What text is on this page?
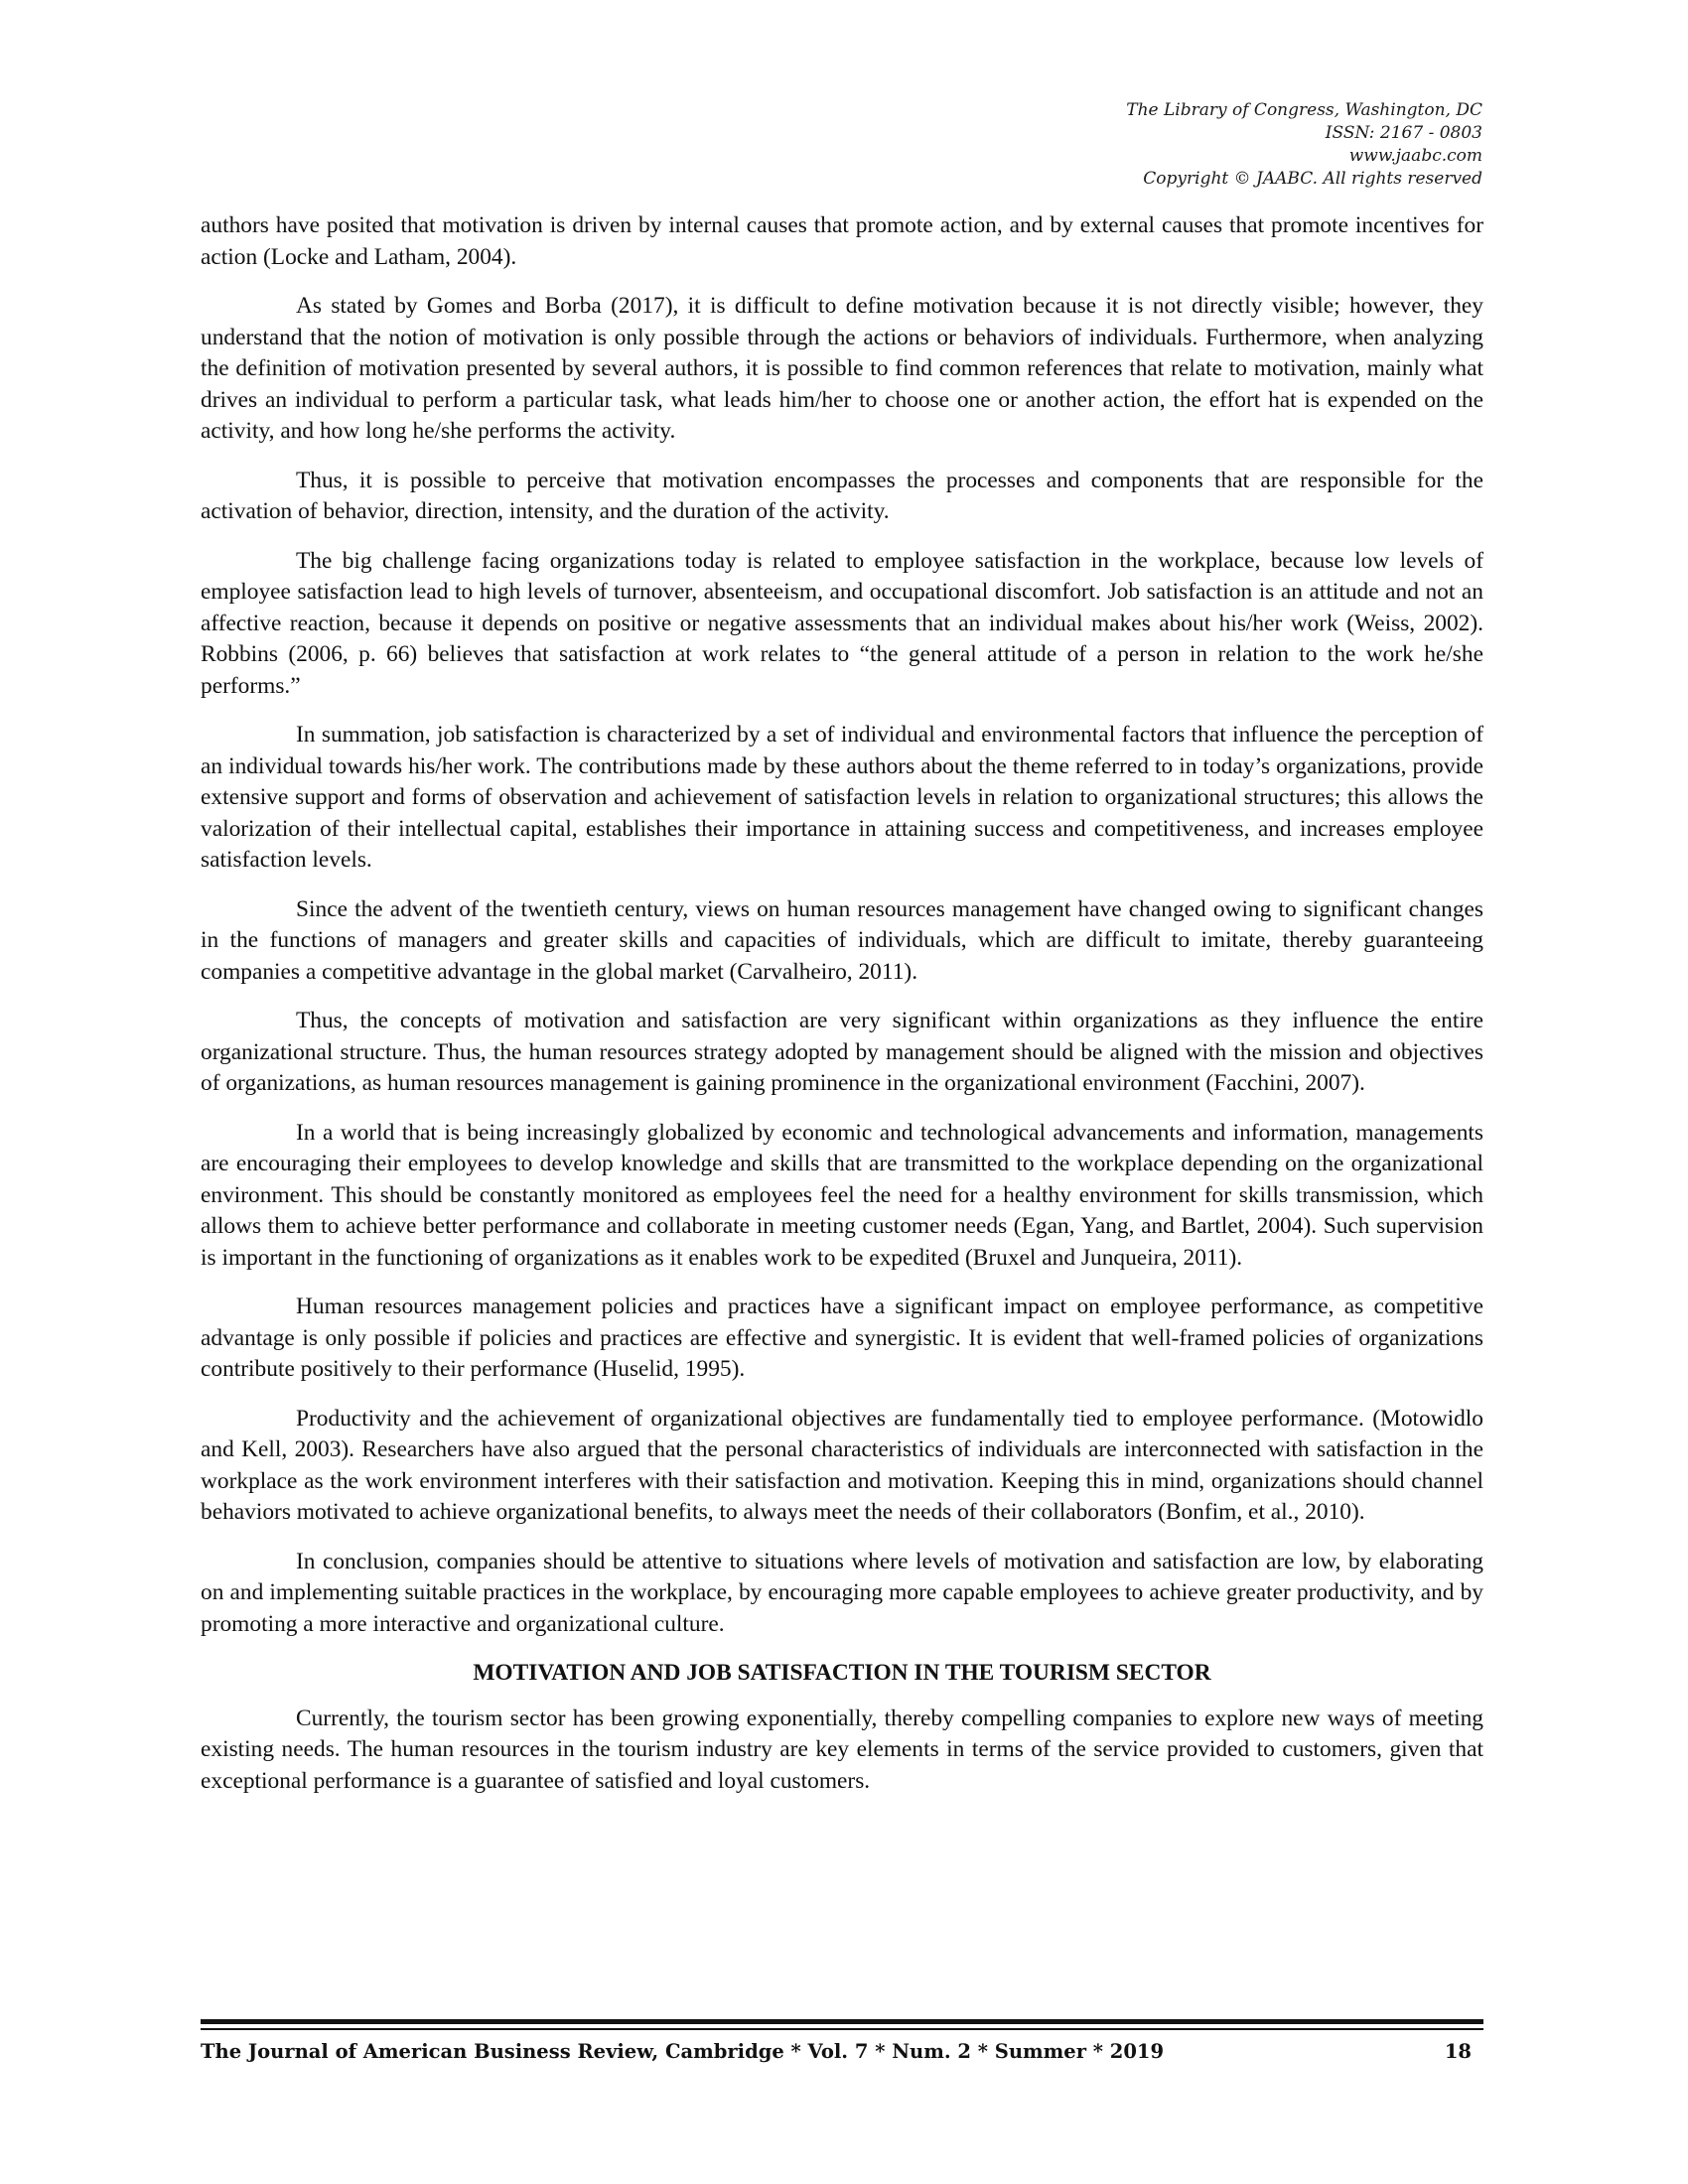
The Library of Congress, Washington, DC
ISSN: 2167 - 0803
www.jaabc.com
Copyright © JAABC. All rights reserved

authors have posited that motivation is driven by internal causes that promote action, and by external causes that promote incentives for action (Locke and Latham, 2004).

As stated by Gomes and Borba (2017), it is difficult to define motivation because it is not directly visible; however, they understand that the notion of motivation is only possible through the actions or behaviors of individuals. Furthermore, when analyzing the definition of motivation presented by several authors, it is possible to find common references that relate to motivation, mainly what drives an individual to perform a particular task, what leads him/her to choose one or another action, the effort hat is expended on the activity, and how long he/she performs the activity.

Thus, it is possible to perceive that motivation encompasses the processes and components that are responsible for the activation of behavior, direction, intensity, and the duration of the activity.

The big challenge facing organizations today is related to employee satisfaction in the workplace, because low levels of employee satisfaction lead to high levels of turnover, absenteeism, and occupational discomfort. Job satisfaction is an attitude and not an affective reaction, because it depends on positive or negative assessments that an individual makes about his/her work (Weiss, 2002). Robbins (2006, p. 66) believes that satisfaction at work relates to “the general attitude of a person in relation to the work he/she performs.”

In summation, job satisfaction is characterized by a set of individual and environmental factors that influence the perception of an individual towards his/her work. The contributions made by these authors about the theme referred to in today’s organizations, provide extensive support and forms of observation and achievement of satisfaction levels in relation to organizational structures; this allows the valorization of their intellectual capital, establishes their importance in attaining success and competitiveness, and increases employee satisfaction levels.

Since the advent of the twentieth century, views on human resources management have changed owing to significant changes in the functions of managers and greater skills and capacities of individuals, which are difficult to imitate, thereby guaranteeing companies a competitive advantage in the global market (Carvalheiro, 2011).

Thus, the concepts of motivation and satisfaction are very significant within organizations as they influence the entire organizational structure. Thus, the human resources strategy adopted by management should be aligned with the mission and objectives of organizations, as human resources management is gaining prominence in the organizational environment (Facchini, 2007).

In a world that is being increasingly globalized by economic and technological advancements and information, managements are encouraging their employees to develop knowledge and skills that are transmitted to the workplace depending on the organizational environment. This should be constantly monitored as employees feel the need for a healthy environment for skills transmission, which allows them to achieve better performance and collaborate in meeting customer needs (Egan, Yang, and Bartlet, 2004). Such supervision is important in the functioning of organizations as it enables work to be expedited (Bruxel and Junqueira, 2011).

Human resources management policies and practices have a significant impact on employee performance, as competitive advantage is only possible if policies and practices are effective and synergistic. It is evident that well-framed policies of organizations contribute positively to their performance (Huselid, 1995).

Productivity and the achievement of organizational objectives are fundamentally tied to employee performance. (Motowidlo and Kell, 2003). Researchers have also argued that the personal characteristics of individuals are interconnected with satisfaction in the workplace as the work environment interferes with their satisfaction and motivation. Keeping this in mind, organizations should channel behaviors motivated to achieve organizational benefits, to always meet the needs of their collaborators (Bonfim, et al., 2010).

In conclusion, companies should be attentive to situations where levels of motivation and satisfaction are low, by elaborating on and implementing suitable practices in the workplace, by encouraging more capable employees to achieve greater productivity, and by promoting a more interactive and organizational culture.

MOTIVATION AND JOB SATISFACTION IN THE TOURISM SECTOR

Currently, the tourism sector has been growing exponentially, thereby compelling companies to explore new ways of meeting existing needs. The human resources in the tourism industry are key elements in terms of the service provided to customers, given that exceptional performance is a guarantee of satisfied and loyal customers.

The Journal of American Business Review, Cambridge * Vol. 7 * Num. 2 * Summer * 2019	18
